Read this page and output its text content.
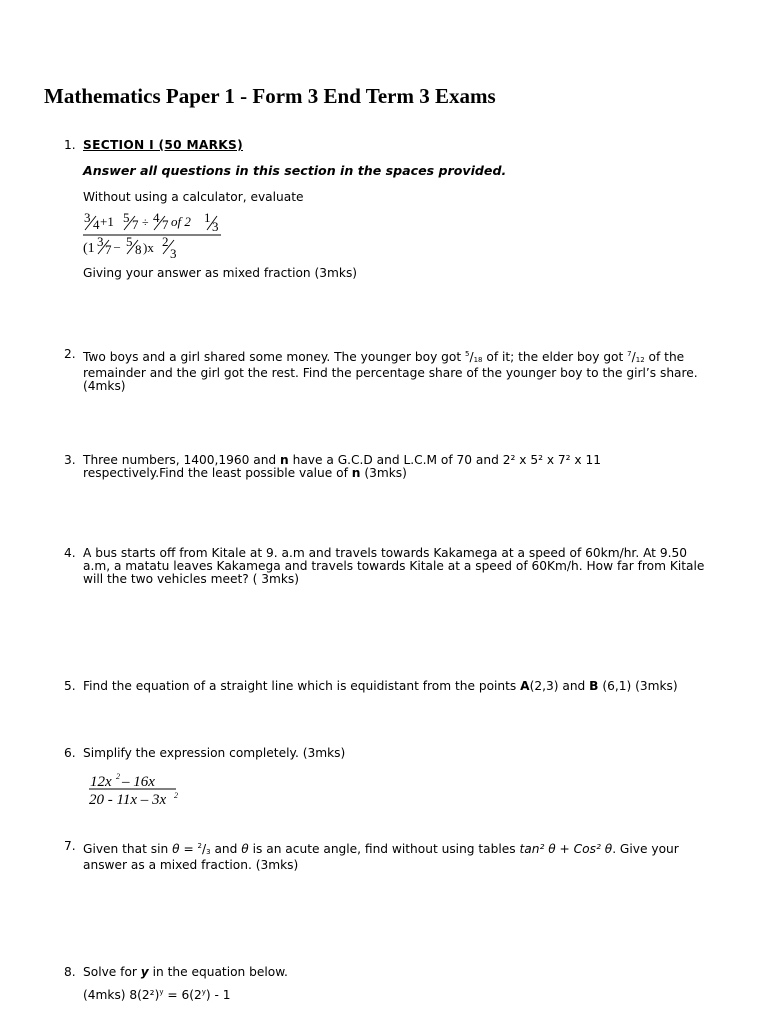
Mathematics Paper 1 - Form 3 End Term 3 Exams
1. SECTION I (50 MARKS)
Answer all questions in this section in the spaces provided.
Without using a calculator, evaluate
3 4 +1 5 7 ÷ 4 7 of 2 1
3
(1 3
7 – 5
8 )x 2
3
Giving your answer as mixed fraction (3mks)
2. Two boys and a girl shared some money. The younger boy got $^5/_{18}$ of it; the elder boy got $^7/_{12}$ of the
remainder and the girl got the rest. Find the percentage share of the younger boy to the girl’s share.
(4mks)
3. Three numbers, 1400,1960 and n have a G.C.D and L.C.M of 70 and 2² x 5² x 7² x 11
respectively.Find the least possible value of n (3mks)
4. A bus starts off from Kitale at 9. a.m and travels towards Kakamega at a speed of 60km/hr. At 9.50
a.m, a matatu leaves Kakamega and travels towards Kitale at a speed of 60Km/h. How far from Kitale
will the two vehicles meet? ( 3mks)
5. Find the equation of a straight line which is equidistant from the points A(2,3) and B (6,1) (3mks)
6. Simplify the expression completely. (3mks)
12x 2 – 16x
20 - 11x – 3x 2
7. Given that $\sin \theta = ^2/_3$ and θ is an acute angle, find without using tables tan² θ + Cos² θ. Give your
answer as a mixed fraction. (3mks)
8. Solve for y in the equation below.
(4mks) $8(2^2)^y = 6(2^y) - 1$
